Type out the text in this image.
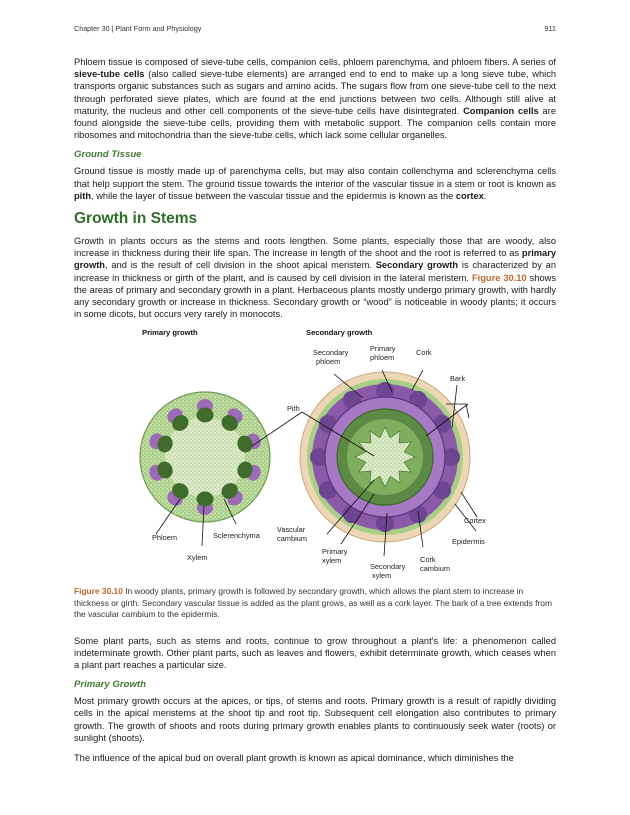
Chapter 30 | Plant Form and Physiology	911

Phloem tissue is composed of sieve-tube cells, companion cells, phloem parenchyma, and phloem fibers. A series of sieve-tube cells (also called sieve-tube elements) are arranged end to end to make up a long sieve tube, which transports organic substances such as sugars and amino acids. The sugars flow from one sieve-tube cell to the next through perforated sieve plates, which are found at the end junctions between two cells. Although still alive at maturity, the nucleus and other cell components of the sieve-tube cells have disintegrated. Companion cells are found alongside the sieve-tube cells, providing them with metabolic support. The companion cells contain more ribosomes and mitochondria than the sieve-tube cells, which lack some cellular organelles.

Ground Tissue

Ground tissue is mostly made up of parenchyma cells, but may also contain collenchyma and sclerenchyma cells that help support the stem. The ground tissue towards the interior of the vascular tissue in a stem or root is known as pith, while the layer of tissue between the vascular tissue and the epidermis is known as the cortex.

Growth in Stems

Growth in plants occurs as the stems and roots lengthen. Some plants, especially those that are woody, also increase in thickness during their life span. The increase in length of the shoot and the root is referred to as primary growth, and is the result of cell division in the shoot apical meristem. Secondary growth is characterized by an increase in thickness or girth of the plant, and is caused by cell division in the lateral meristem. Figure 30.10 shows the areas of primary and secondary growth in a plant. Herbaceous plants mostly undergo primary growth, with hardly any secondary growth or increase in thickness. Secondary growth or “wood” is noticeable in woody plants; it occurs in some dicots, but occurs very rarely in monocots.

Primary growth	Secondary growth
Pith
Phloem
Xylem
Sclerenchyma
Secondary
phloem
Primary
phloem
Cork
Bark
Cortex
Epidermis
Vascular
cambium
Primary
xylem
Secondary
xylem
Cork
cambium

Figure 30.10 In woody plants, primary growth is followed by secondary growth, which allows the plant stem to increase in thickness or girth. Secondary vascular tissue is added as the plant grows, as well as a cork layer. The bark of a tree extends from the vascular cambium to the epidermis.

Some plant parts, such as stems and roots, continue to grow throughout a plant's life: a phenomenon called indeterminate growth. Other plant parts, such as leaves and flowers, exhibit determinate growth, which ceases when a plant part reaches a particular size.

Primary Growth

Most primary growth occurs at the apices, or tips, of stems and roots. Primary growth is a result of rapidly dividing cells in the apical meristems at the shoot tip and root tip. Subsequent cell elongation also contributes to primary growth. The growth of shoots and roots during primary growth enables plants to continuously seek water (roots) or sunlight (shoots).

The influence of the apical bud on overall plant growth is known as apical dominance, which diminishes the
